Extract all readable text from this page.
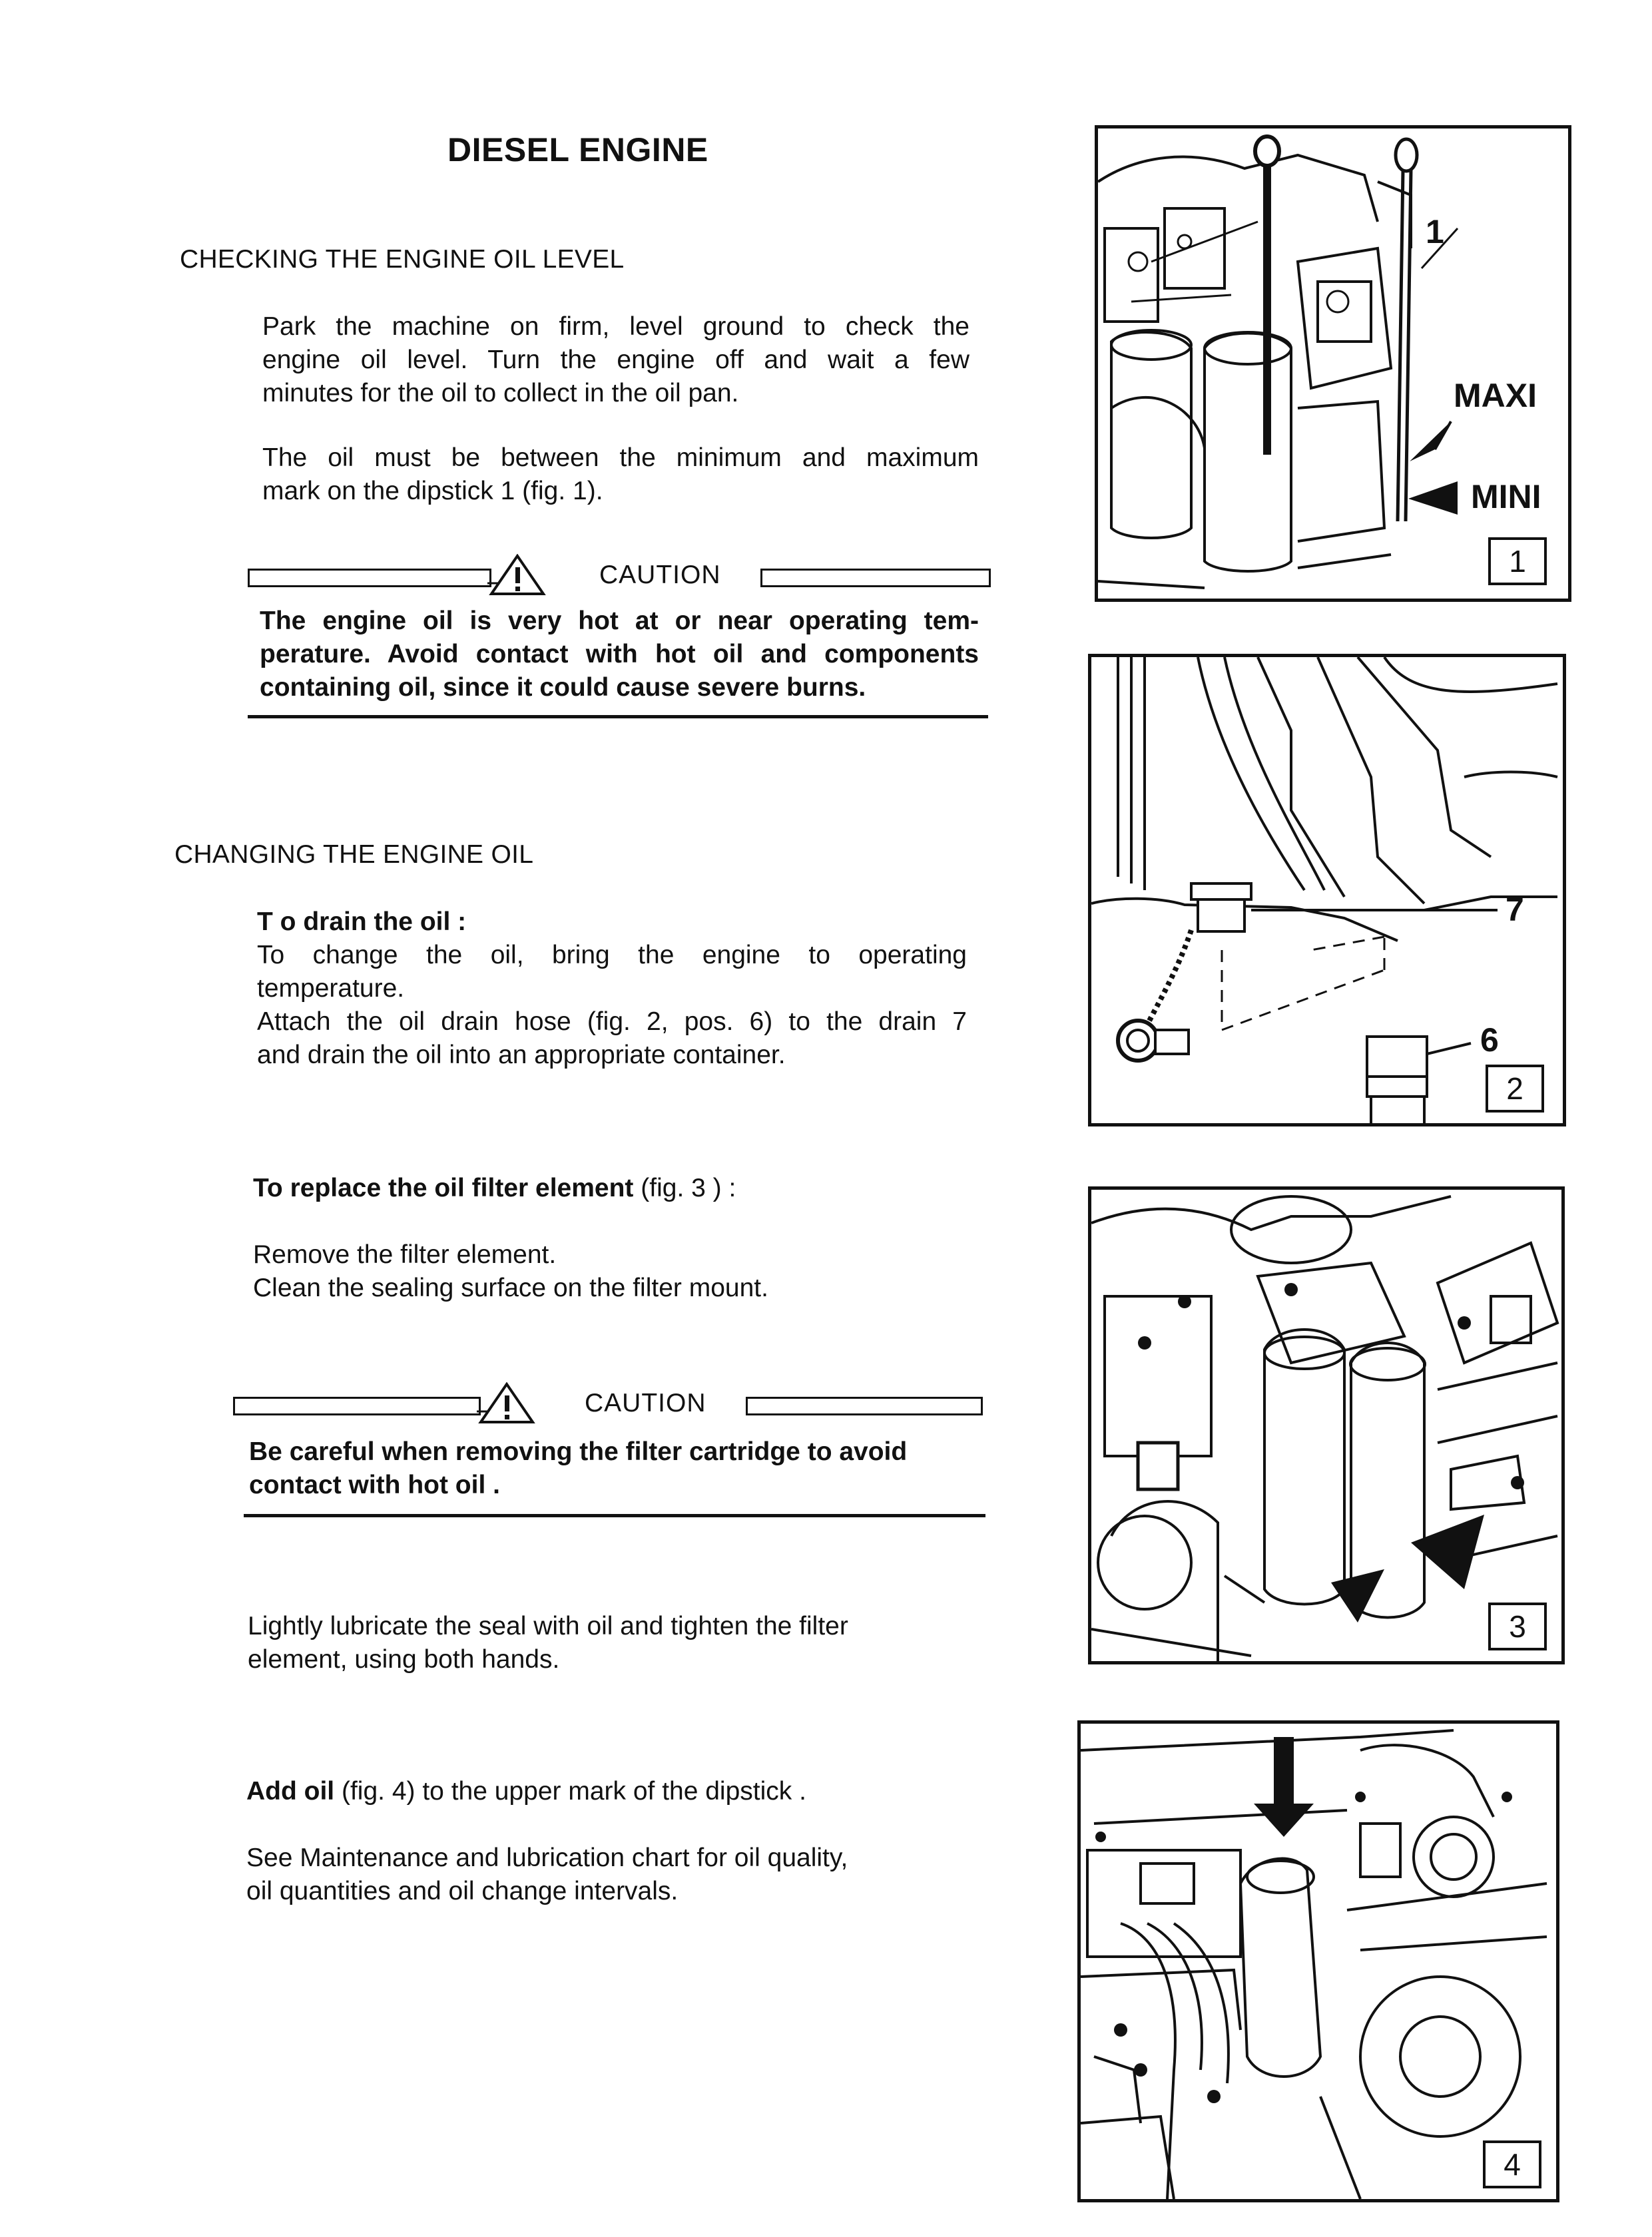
DIESEL ENGINE
CHECKING THE ENGINE OIL LEVEL
Park the machine on firm, level ground to check the
engine oil level. Turn the engine off and wait a few
minutes for the oil to collect in the oil pan.
The oil must be between the minimum and maximum
mark on the dipstick 1 (fig. 1).
CAUTION
The engine oil is very hot at or near operating tem-
perature. Avoid contact with hot oil and components
containing oil, since it could cause severe burns.
CHANGING THE ENGINE OIL
T o drain the oil :
To change the oil, bring the engine to operating
temperature.
Attach the oil drain hose (fig. 2, pos. 6) to the drain 7
and drain the oil into an appropriate container.
To replace the oil filter element (fig. 3 ) :
Remove the filter element.
Clean the sealing surface on the filter mount.
CAUTION
Be careful when removing the filter cartridge to avoid
contact with hot oil .
Lightly lubricate the seal with oil and tighten the filter
element, using both hands.
Add oil (fig. 4) to the upper mark of the dipstick .
See Maintenance and lubrication chart for oil quality,
oil quantities and oil change intervals.
1
MAXI
MINI
1
7
6
2
3
4
